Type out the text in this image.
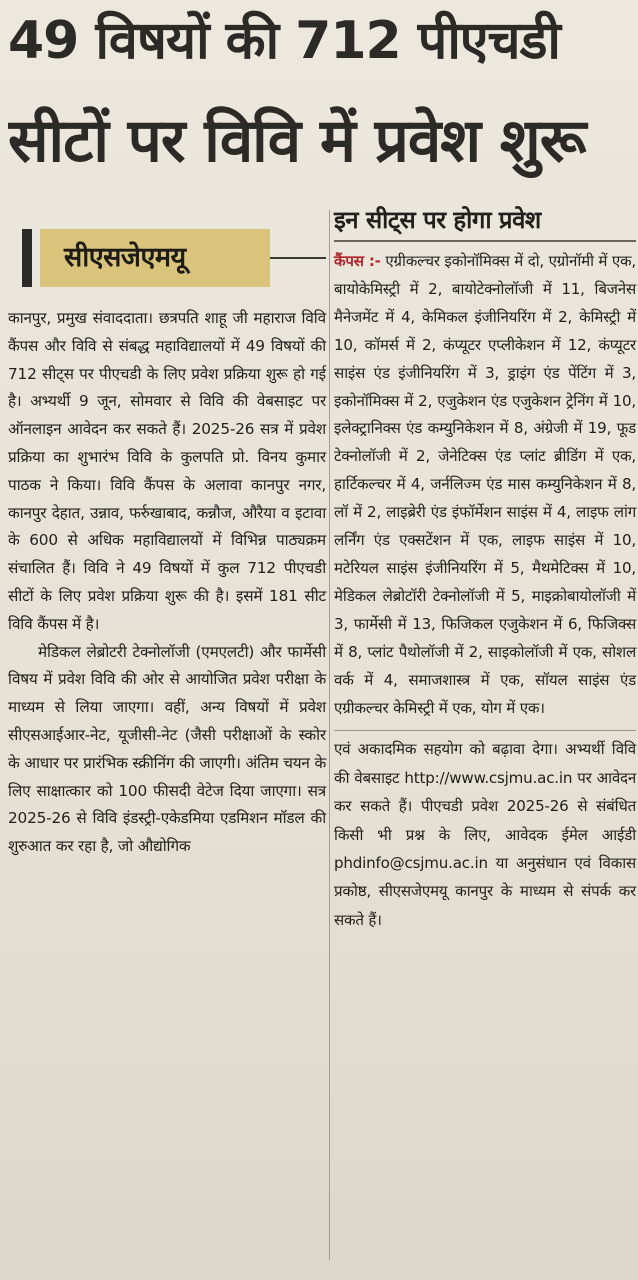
49 विषयों की 712 पीएचडी
सीटों पर विवि में प्रवेश शुरू
सीएसजेएमयू

कानपुर, प्रमुख संवाददाता। छत्रपति शाहू जी महाराज विवि कैंपस और विवि से संबद्ध महाविद्यालयों में 49 विषयों की 712 सीट्स पर पीएचडी के लिए प्रवेश प्रक्रिया शुरू हो गई है। अभ्यर्थी 9 जून, सोमवार से विवि की वेबसाइट पर ऑनलाइन आवेदन कर सकते हैं। 2025-26 सत्र में प्रवेश प्रक्रिया का शुभारंभ विवि के कुलपति प्रो. विनय कुमार पाठक ने किया। विवि कैंपस के अलावा कानपुर नगर, कानपुर देहात, उन्नाव, फर्रुखाबाद, कन्नौज, औरैया व इटावा के 600 से अधिक महाविद्यालयों में विभिन्न पाठ्यक्रम संचालित हैं। विवि ने 49 विषयों में कुल 712 पीएचडी सीटों के लिए प्रवेश प्रक्रिया शुरू की है। इसमें 181 सीट विवि कैंपस में है।

मेडिकल लेब्रोटरी टेक्नोलॉजी (एमएलटी) और फार्मेसी विषय में प्रवेश विवि की ओर से आयोजित प्रवेश परीक्षा के माध्यम से लिया जाएगा। वहीं, अन्य विषयों में प्रवेश सीएसआईआर-नेट, यूजीसी-नेट (जैसी परीक्षाओं के स्कोर के आधार पर प्रारंभिक स्क्रीनिंग की जाएगी। अंतिम चयन के लिए साक्षात्कार को 100 फीसदी वेटेज दिया जाएगा। सत्र 2025-26 से विवि इंडस्ट्री-एकेडमिया एडमिशन मॉडल की शुरुआत कर रहा है, जो औद्योगिक

इन सीट्स पर होगा प्रवेश
कैंपस :- एग्रीकल्चर इकोनॉमिक्स में दो, एग्रोनॉमी में एक, बायोकेमिस्ट्री में 2, बायोटेक्नोलॉजी में 11, बिजनेस मैनेजमेंट में 4, केमिकल इंजीनियरिंग में 2, केमिस्ट्री में 10, कॉमर्स में 2, कंप्यूटर एप्लीकेशन में 12, कंप्यूटर साइंस एंड इंजीनियरिंग में 3, ड्राइंग एंड पेंटिंग में 3, इकोनॉमिक्स में 2, एजुकेशन एंड एजुकेशन ट्रेनिंग में 10, इलेक्ट्रानिक्स एंड कम्युनिकेशन में 8, अंग्रेजी में 19, फूड टेक्नोलॉजी में 2, जेनेटिक्स एंड प्लांट ब्रीडिंग में एक, हार्टिकल्चर में 4, जर्नलिज्म एंड मास कम्युनिकेशन में 8, लॉ में 2, लाइब्रेरी एंड इंफॉर्मेशन साइंस में 4, लाइफ लांग लर्निंग एंड एक्सटेंशन में एक, लाइफ साइंस में 10, मटेरियल साइंस इंजीनियरिंग में 5, मैथमेटिक्स में 10, मेडिकल लेब्रोटॉरी टेक्नोलॉजी में 5, माइक्रोबायोलॉजी में 3, फार्मेसी में 13, फिजिकल एजुकेशन में 6, फिजिक्स में 8, प्लांट पैथोलॉजी में 2, साइकोलॉजी में एक, सोशल वर्क में 4, समाजशास्त्र में एक, सॉयल साइंस एंड एग्रीकल्चर केमिस्ट्री में एक, योग में एक।
एवं अकादमिक सहयोग को बढ़ावा देगा। अभ्यर्थी विवि की वेबसाइट http://www.csjmu.ac.in पर आवेदन कर सकते हैं। पीएचडी प्रवेश 2025-26 से संबंधित किसी भी प्रश्न के लिए, आवेदक ईमेल आईडी phdinfo@csjmu.ac.in या अनुसंधान एवं विकास प्रकोष्ठ, सीएसजेएमयू कानपुर के माध्यम से संपर्क कर सकते हैं।
